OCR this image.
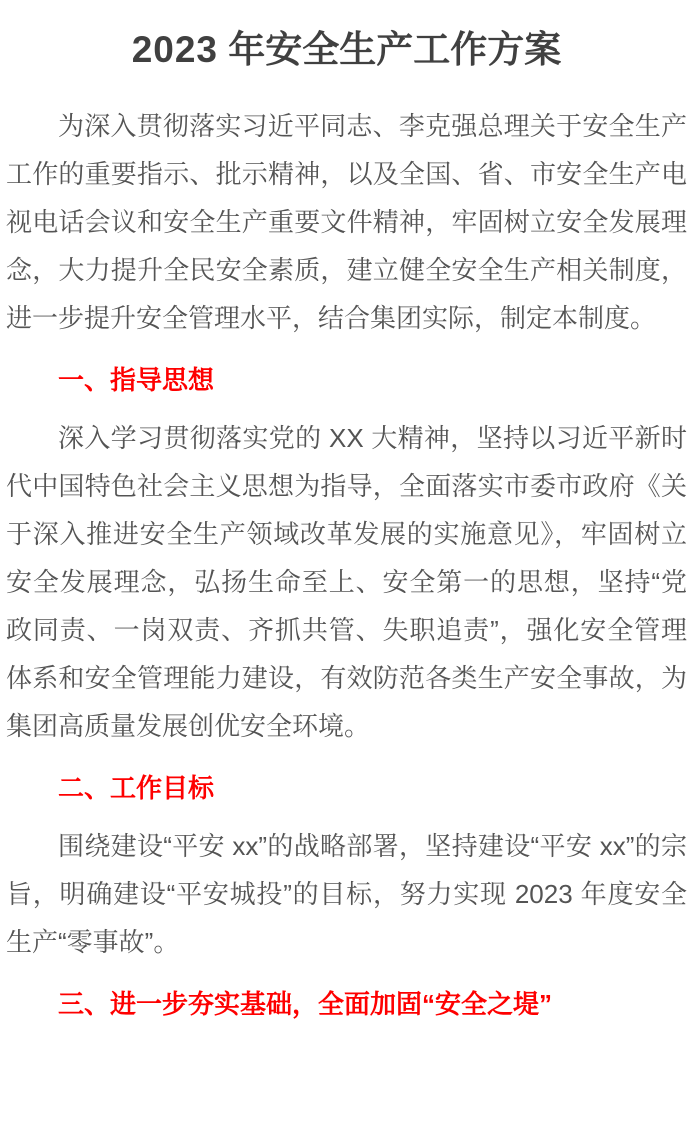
2023 年安全生产工作方案

为深入贯彻落实习近平同志、李克强总理关于安全生产工作的重要指示、批示精神，以及全国、省、市安全生产电视电话会议和安全生产重要文件精神，牢固树立安全发展理念，大力提升全民安全素质，建立健全安全生产相关制度，进一步提升安全管理水平，结合集团实际，制定本制度。

一、指导思想

深入学习贯彻落实党的 XX 大精神，坚持以习近平新时代中国特色社会主义思想为指导，全面落实市委市政府《关于深入推进安全生产领域改革发展的实施意见》，牢固树立安全发展理念，弘扬生命至上、安全第一的思想，坚持“党政同责、一岗双责、齐抓共管、失职追责”，强化安全管理体系和安全管理能力建设，有效防范各类生产安全事故，为集团高质量发展创优安全环境。

二、工作目标

围绕建设“平安 xx”的战略部署，坚持建设“平安 xx”的宗旨，明确建设“平安城投”的目标，努力实现 2023 年度安全生产“零事故”。

三、进一步夯实基础，全面加固“安全之堤”
